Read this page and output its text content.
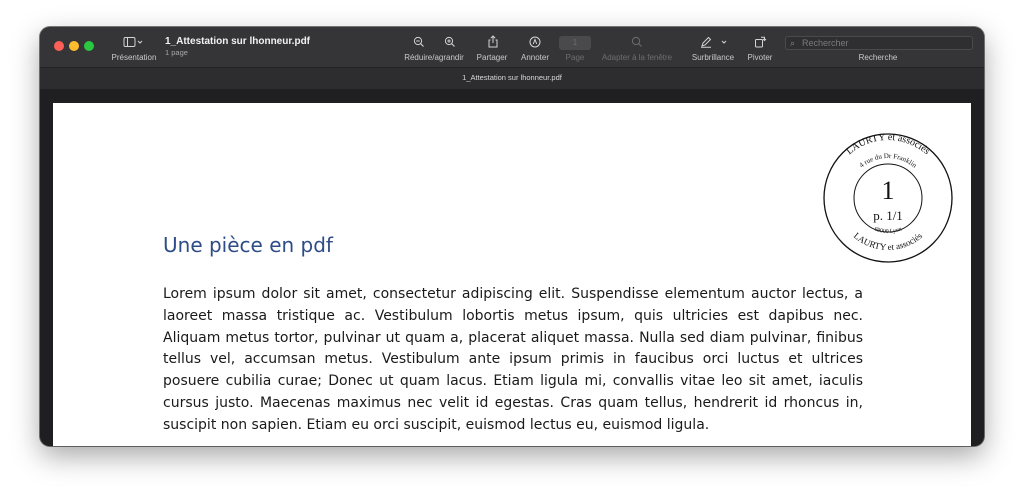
Présentation
1_Attestation sur lhonneur.pdf
1 page
Réduire/agrandir	Partager	Annoter
1
Page	Adapter à la fenêtre	Surbrillance	Pivoter
⌕
Rechercher
Recherche
1_Attestation sur lhonneur.pdf
LAURTY et associés
4 rue du Dr Franklin
1
p. 1/1
69000 Lyon
LAURTY et associés
Une pièce en pdf
Lorem ipsum dolor sit amet, consectetur adipiscing elit. Suspendisse elementum auctor lectus, a laoreet massa tristique ac. Vestibulum lobortis metus ipsum, quis ultricies est dapibus nec. Aliquam metus tortor, pulvinar ut quam a, placerat aliquet massa. Nulla sed diam pulvinar, finibus tellus vel, accumsan metus. Vestibulum ante ipsum primis in faucibus orci luctus et ultrices posuere cubilia curae; Donec ut quam lacus. Etiam ligula mi, convallis vitae leo sit amet, iaculis cursus justo. Maecenas maximus nec velit id egestas. Cras quam tellus, hendrerit id rhoncus in, suscipit non sapien. Etiam eu orci suscipit, euismod lectus eu, euismod ligula.
